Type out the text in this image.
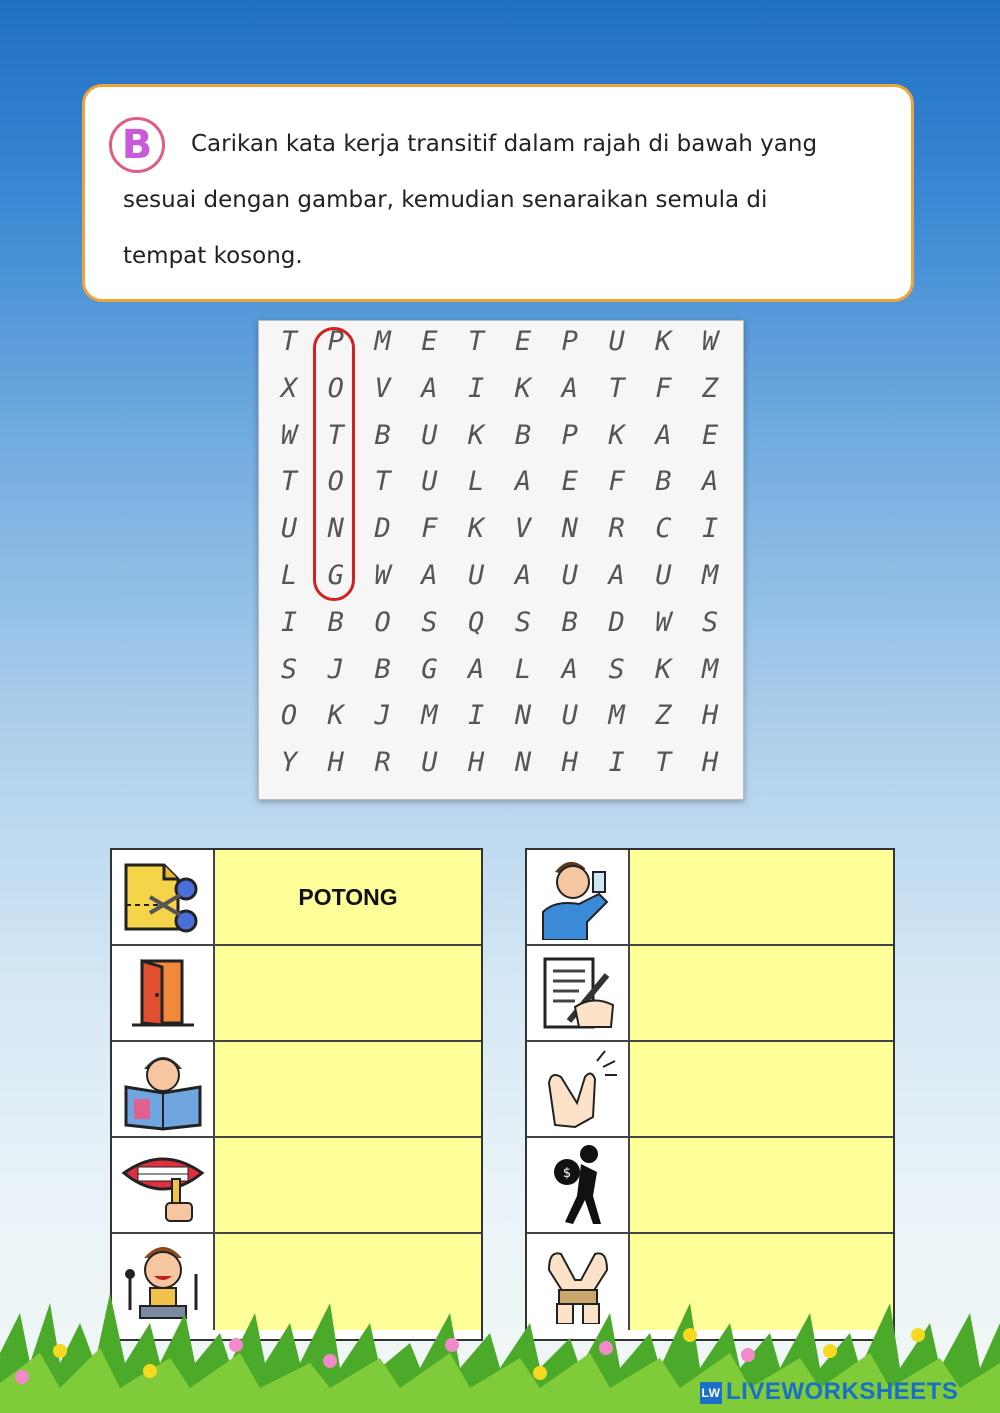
B	Carikan kata kerja transitif dalam rajah di bawah yang
sesuai dengan gambar, kemudian senaraikan semula di
tempat kosong.
T	P	M	E	T	E	P	U	K	W
X	O	V	A	I	K	A	T	F	Z
W	T	B	U	K	B	P	K	A	E
T	O	T	U	L	A	E	F	B	A
U	N	D	F	K	V	N	R	C	I
L	G	W	A	U	A	U	A	U	M
I	B	O	S	Q	S	B	D	W	S
S	J	B	G	A	L	A	S	K	M
O	K	J	M	I	N	U	M	Z	H
Y	H	R	U	H	N	H	I	T	H
POTONG
$
LW LIVEWORKSHEETS
